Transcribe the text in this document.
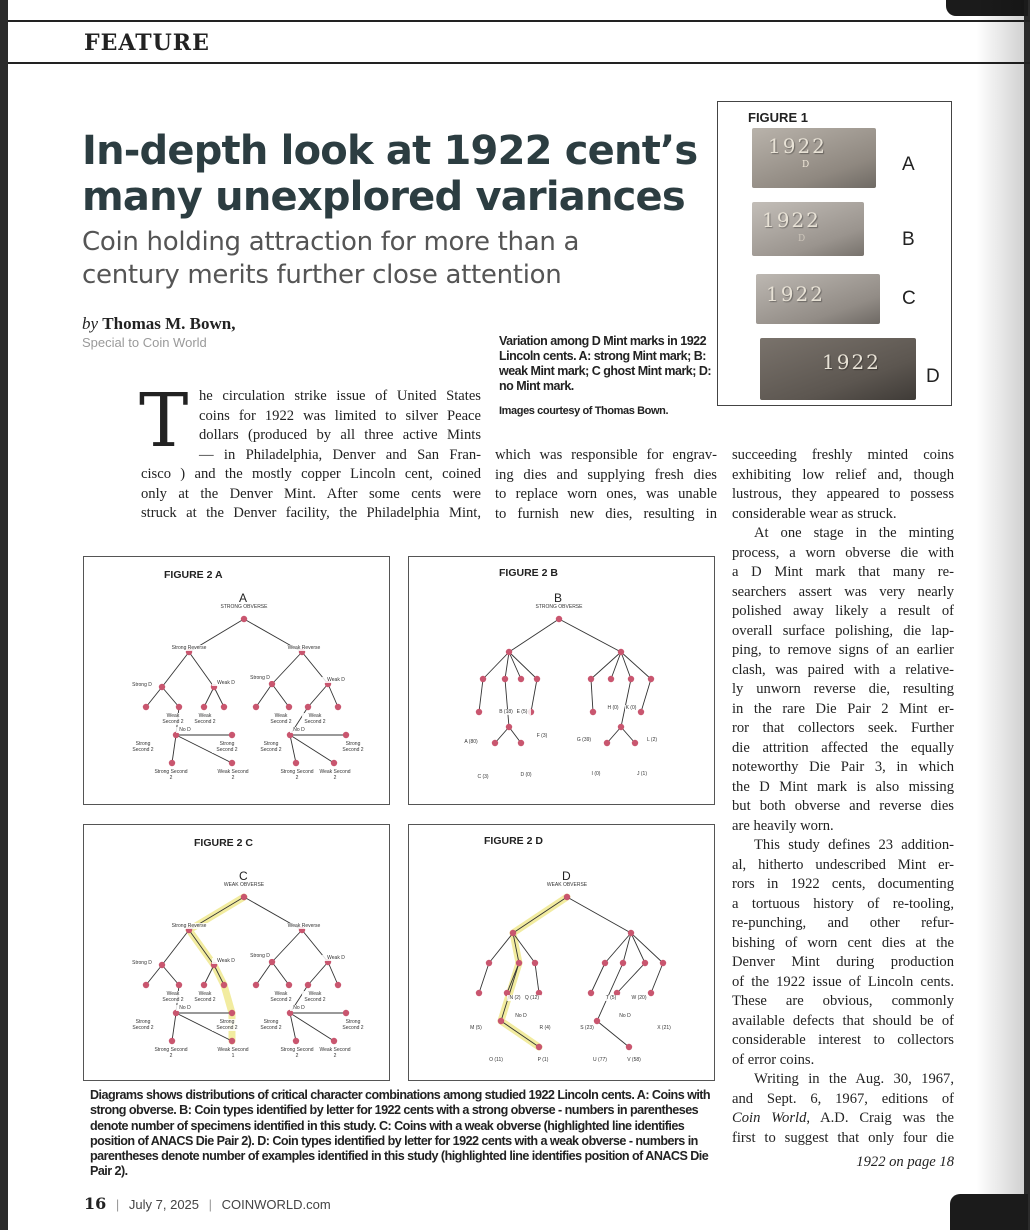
FEATURE
In-depth look at 1922 cent’s many unexplored variances
Coin holding attraction for more than a century merits further close attention
by Thomas M. Bown,
Special to Coin World
FIGURE 1
1922
D	A
1922
D	B
1922	C
1922
D
Variation among D Mint marks in 1922 Lincoln cents. A: strong Mint mark; B: weak Mint mark; C ghost Mint mark; D: no Mint mark.
Images courtesy of Thomas Bown.
T he circulation strike issue of United States
coins for 1922 was limited to silver Peace
dollars (produced by all three active Mints
— in Philadelphia, Denver and San Fran-
cisco ) and the mostly copper Lincoln cent, coined
only at the Denver Mint. After some cents were
struck at the Denver facility, the Philadelphia Mint,
which was responsible for engrav-
ing dies and supplying fresh dies
to replace worn ones, was unable
to furnish new dies, resulting in
succeeding freshly minted coins
exhibiting low relief and, though
lustrous, they appeared to possess
considerable wear as struck.
At one stage in the minting
process, a worn obverse die with
a D Mint mark that many re-
searchers assert was very nearly
polished away likely a result of
overall surface polishing, die lap-
ping, to remove signs of an earlier
clash, was paired with a relative-
ly unworn reverse die, resulting
in the rare Die Pair 2 Mint er-
ror that collectors seek. Further
die attrition affected the equally
noteworthy Die Pair 3, in which
the D Mint mark is also missing
but both obverse and reverse dies
are heavily worn.
This study defines 23 addition-
al, hitherto undescribed Mint er-
rors in 1922 cents, documenting
a tortuous history of re-tooling,
re-punching, and other refur-
bishing of worn cent dies at the
Denver Mint during production
of the 1922 issue of Lincoln cents.
These are obvious, commonly
available defects that should be of
considerable interest to collectors
of error coins.
Writing in the Aug. 30, 1967,
and Sept. 6, 1967, editions of
Coin World, A.D. Craig was the
first to suggest that only four die
1922 on page 18
FIGURE 2 A
A
STRONG OBVERSE
Strong Reverse	Weak Reverse
Strong D	Weak D
Strong D	Weak D
Weak Second 2
Weak Second 2
Weak Second 2
Weak Second 2
No D	No D
Strong Second 2
Strong Second 2
Strong Second 2
Strong Second 2
Strong Second 2
Weak Second 2
Strong Second 2
Weak Second 2
FIGURE 2 B
B
STRONG OBVERSE
A (80)
B (18) E (5)
F (3)
C (3)	D (0)
G (39)
H (0) K (0)
L (2)
I (0)	J (1)
FIGURE 2 C
C
WEAK OBVERSE
Strong Reverse	Weak Reverse
Strong D	Weak D
Strong D	Weak D
Weak Second 2
Weak Second 2
Weak Second 2
Weak Second 2
No D	No D
Strong Second 2
Strong Second 2
Strong Second 2
Strong Second 2
Strong Second 2
Weak Second 1
Strong Second 2
Weak Second 2
FIGURE 2 D
D
WEAK OBVERSE
M (5)
N (2) Q (12)
R (4)
O (11)	P (1)
S (23)
T (5)	W (20)
X (21)
U (77)	V (58)
No D	No D
Diagrams shows distributions of critical character combinations among studied 1922 Lincoln cents. A: Coins with strong obverse. B: Coin types identified by letter for 1922 cents with a strong obverse - numbers in parentheses denote number of specimens identified in this study. C: Coins with a weak obverse (highlighted line identifies position of ANACS Die Pair 2). D: Coin types identified by letter for 1922 cents with a weak obverse - numbers in parentheses denote number of examples identified in this study (highlighted line identifies position of ANACS Die Pair 2).
16 | July 7, 2025 | COINWORLD.com
